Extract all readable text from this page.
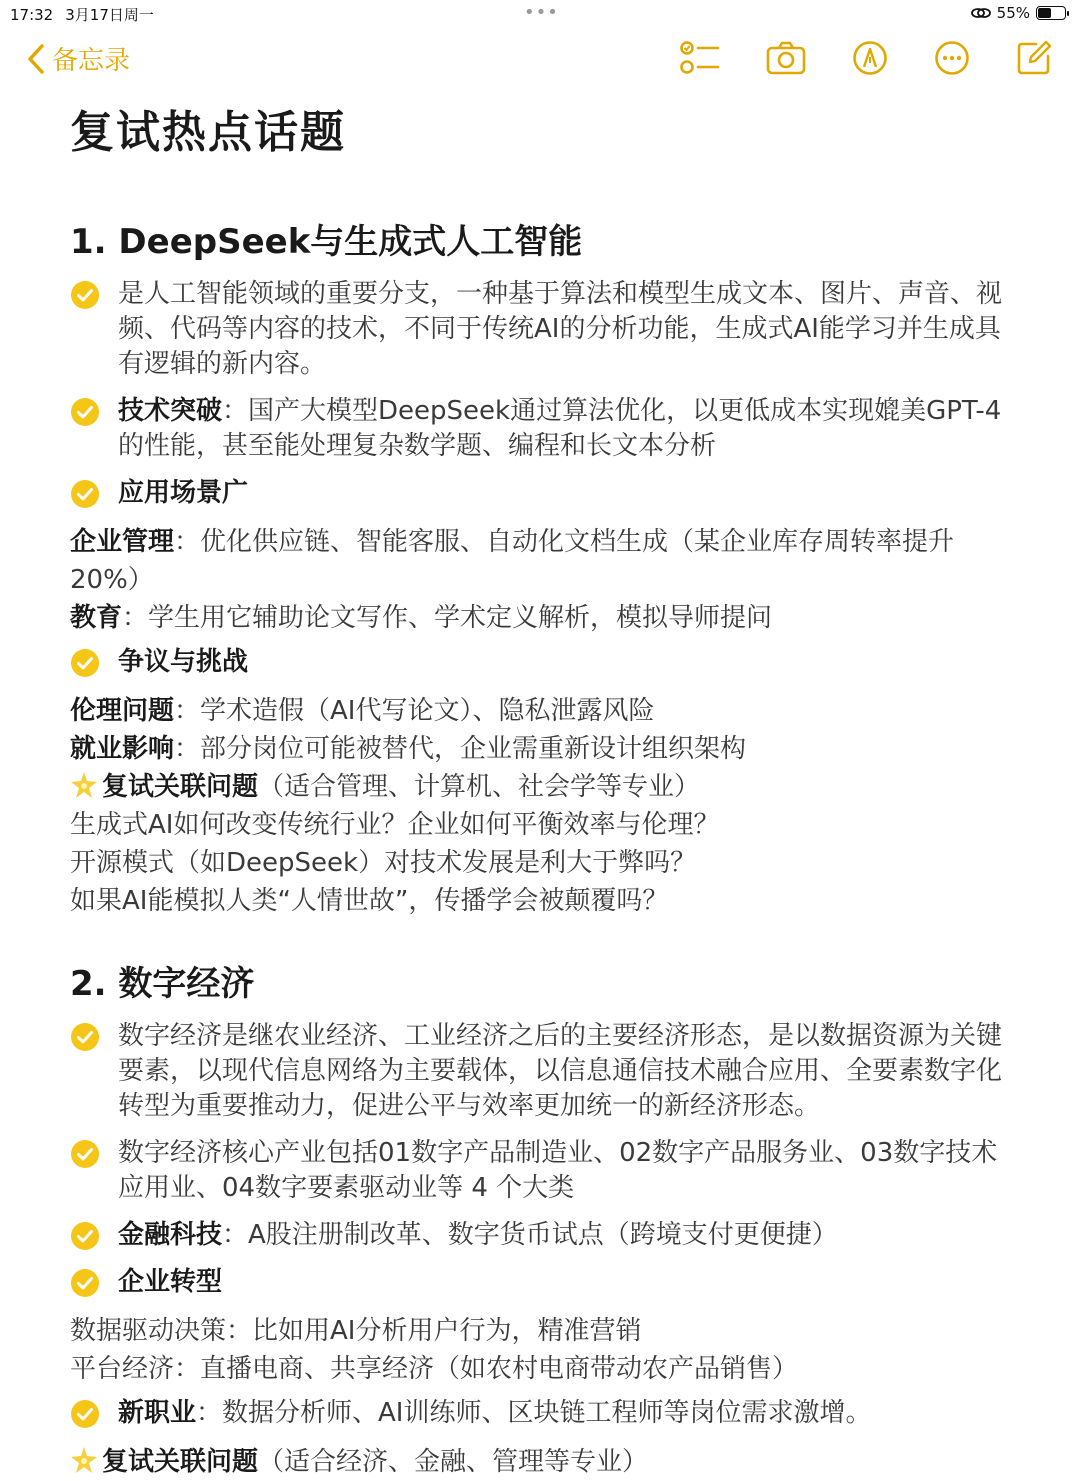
17:32 3月17日周一	•••	55%
备忘录
复试热点话题
1. DeepSeek与生成式人工智能
是人工智能领域的重要分支，一种基于算法和模型生成文本、图片、声音、视频、代码等内容的技术，不同于传统AI的分析功能，生成式AI能学习并生成具有逻辑的新内容。
技术突破：国产大模型DeepSeek通过算法优化，以更低成本实现媲美GPT-4的性能，甚至能处理复杂数学题、编程和长文本分析
应用场景广
企业管理：优化供应链、智能客服、自动化文档生成（某企业库存周转率提升20%）
教育：学生用它辅助论文写作、学术定义解析，模拟导师提问
争议与挑战
伦理问题：学术造假（AI代写论文）、隐私泄露风险
就业影响：部分岗位可能被替代，企业需重新设计组织架构
复试关联问题（适合管理、计算机、社会学等专业）
生成式AI如何改变传统行业？企业如何平衡效率与伦理？
开源模式（如DeepSeek）对技术发展是利大于弊吗？
如果AI能模拟人类“人情世故”，传播学会被颠覆吗？
2. 数字经济
数字经济是继农业经济、工业经济之后的主要经济形态，是以数据资源为关键要素，以现代信息网络为主要载体，以信息通信技术融合应用、全要素数字化转型为重要推动力，促进公平与效率更加统一的新经济形态。
数字经济核心产业包括01数字产品制造业、02数字产品服务业、03数字技术应用业、04数字要素驱动业等 4 个大类
金融科技：A股注册制改革、数字货币试点（跨境支付更便捷）
企业转型
数据驱动决策：比如用AI分析用户行为，精准营销
平台经济：直播电商、共享经济（如农村电商带动农产品销售）
新职业：数据分析师、AI训练师、区块链工程师等岗位需求激增。
复试关联问题（适合经济、金融、管理等专业）
